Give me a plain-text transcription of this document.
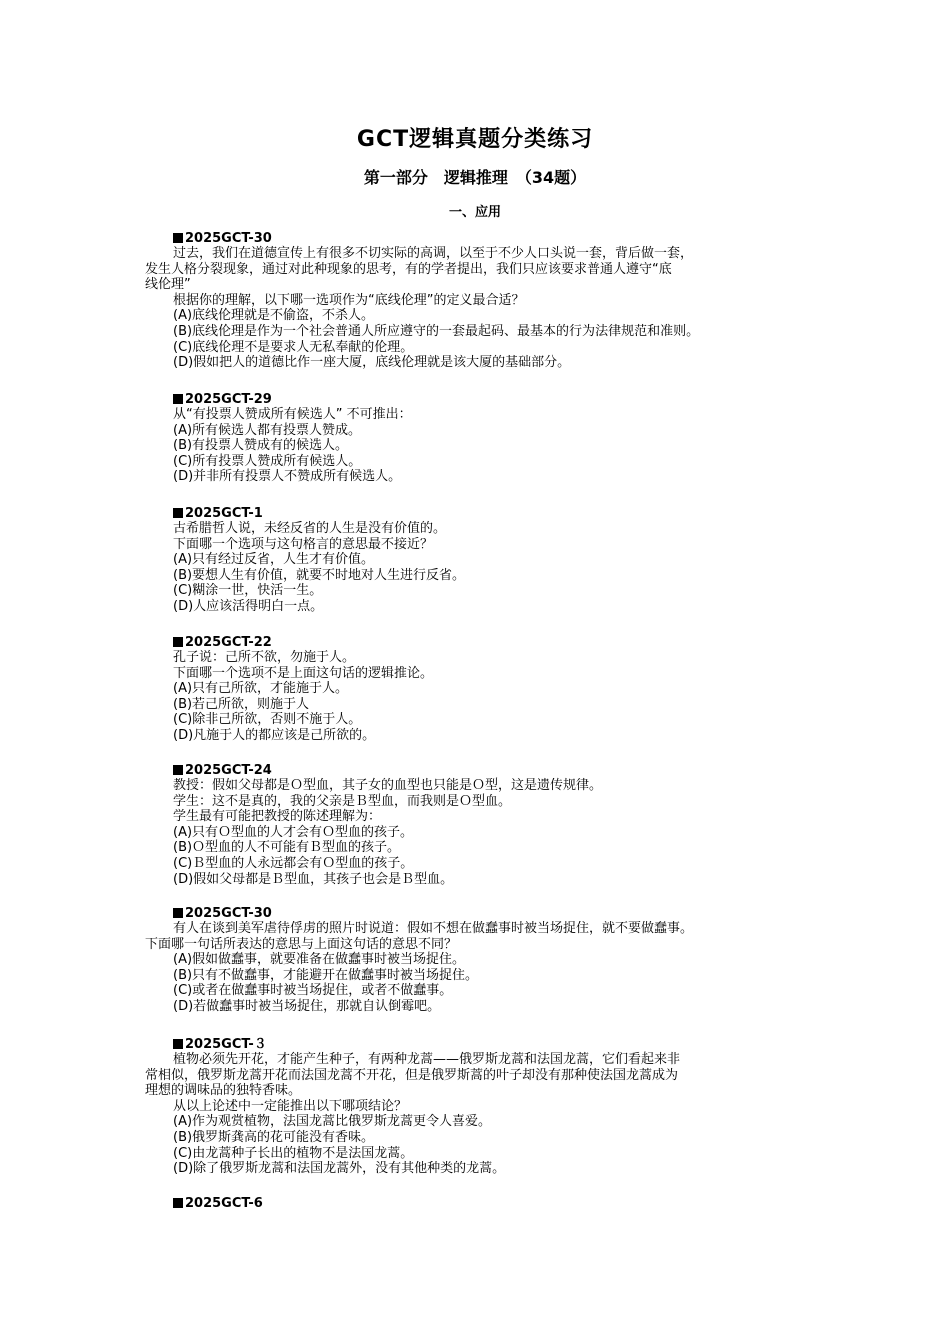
GCT逻辑真题分类练习
第一部分　逻辑推理　（34题）
一、应用
2025GCT-30
过去，我们在道德宣传上有很多不切实际的高调，以至于不少人口头说一套，背后做一套，
发生人格分裂现象，通过对此种现象的思考，有的学者提出，我们只应该要求普通人遵守“底
线伦理”
根据你的理解，以下哪一选项作为“底线伦理”的定义最合适？
(A)底线伦理就是不偷盗，不杀人。
(B)底线伦理是作为一个社会普通人所应遵守的一套最起码、最基本的行为法律规范和准则。
(C)底线伦理不是要求人无私奉献的伦理。
(D)假如把人的道德比作一座大厦，底线伦理就是该大厦的基础部分。
2025GCT-29
从“有投票人赞成所有候选人” 不可推出：
(A)所有候选人都有投票人赞成。
(B)有投票人赞成有的候选人。
(C)所有投票人赞成所有候选人。
(D)并非所有投票人不赞成所有候选人。
2025GCT-1
古希腊哲人说，未经反省的人生是没有价值的。
下面哪一个选项与这句格言的意思最不接近？
(A)只有经过反省，人生才有价值。
(B)要想人生有价值，就要不时地对人生进行反省。
(C)糊涂一世，快活一生。
(D)人应该活得明白一点。
2025GCT-22
孔子说：己所不欲，勿施于人。
下面哪一个选项不是上面这句话的逻辑推论。
(A)只有己所欲，才能施于人。
(B)若己所欲，则施于人
(C)除非己所欲，否则不施于人。
(D)凡施于人的都应该是己所欲的。
2025GCT-24
教授：假如父母都是Ｏ型血，其子女的血型也只能是Ｏ型，这是遗传规律。
学生：这不是真的，我的父亲是Ｂ型血，而我则是Ｏ型血。
学生最有可能把教授的陈述理解为：
(A)只有Ｏ型血的人才会有Ｏ型血的孩子。
(B)Ｏ型血的人不可能有Ｂ型血的孩子。
(C)Ｂ型血的人永远都会有Ｏ型血的孩子。
(D)假如父母都是Ｂ型血，其孩子也会是Ｂ型血。
2025GCT-30
有人在谈到美军虐待俘虏的照片时说道：假如不想在做蠢事时被当场捉住，就不要做蠢事。
下面哪一句话所表达的意思与上面这句话的意思不同？
(A)假如做蠢事，就要准备在做蠢事时被当场捉住。
(B)只有不做蠢事，才能避开在做蠢事时被当场捉住。
(C)或者在做蠢事时被当场捉住，或者不做蠢事。
(D)若做蠢事时被当场捉住，那就自认倒霉吧。
2025GCT-３
植物必须先开花，才能产生种子，有两种龙蒿——俄罗斯龙蒿和法国龙蒿，它们看起来非
常相似，俄罗斯龙蒿开花而法国龙蒿不开花，但是俄罗斯蒿的叶子却没有那种使法国龙蒿成为
理想的调味品的独特香味。
从以上论述中一定能推出以下哪项结论？
(A)作为观赏植物，法国龙蒿比俄罗斯龙蒿更令人喜爱。
(B)俄罗斯龚高的花可能没有香味。
(C)由龙蒿种子长出的植物不是法国龙蒿。
(D)除了俄罗斯龙蒿和法国龙蒿外，没有其他种类的龙蒿。
2025GCT-6
